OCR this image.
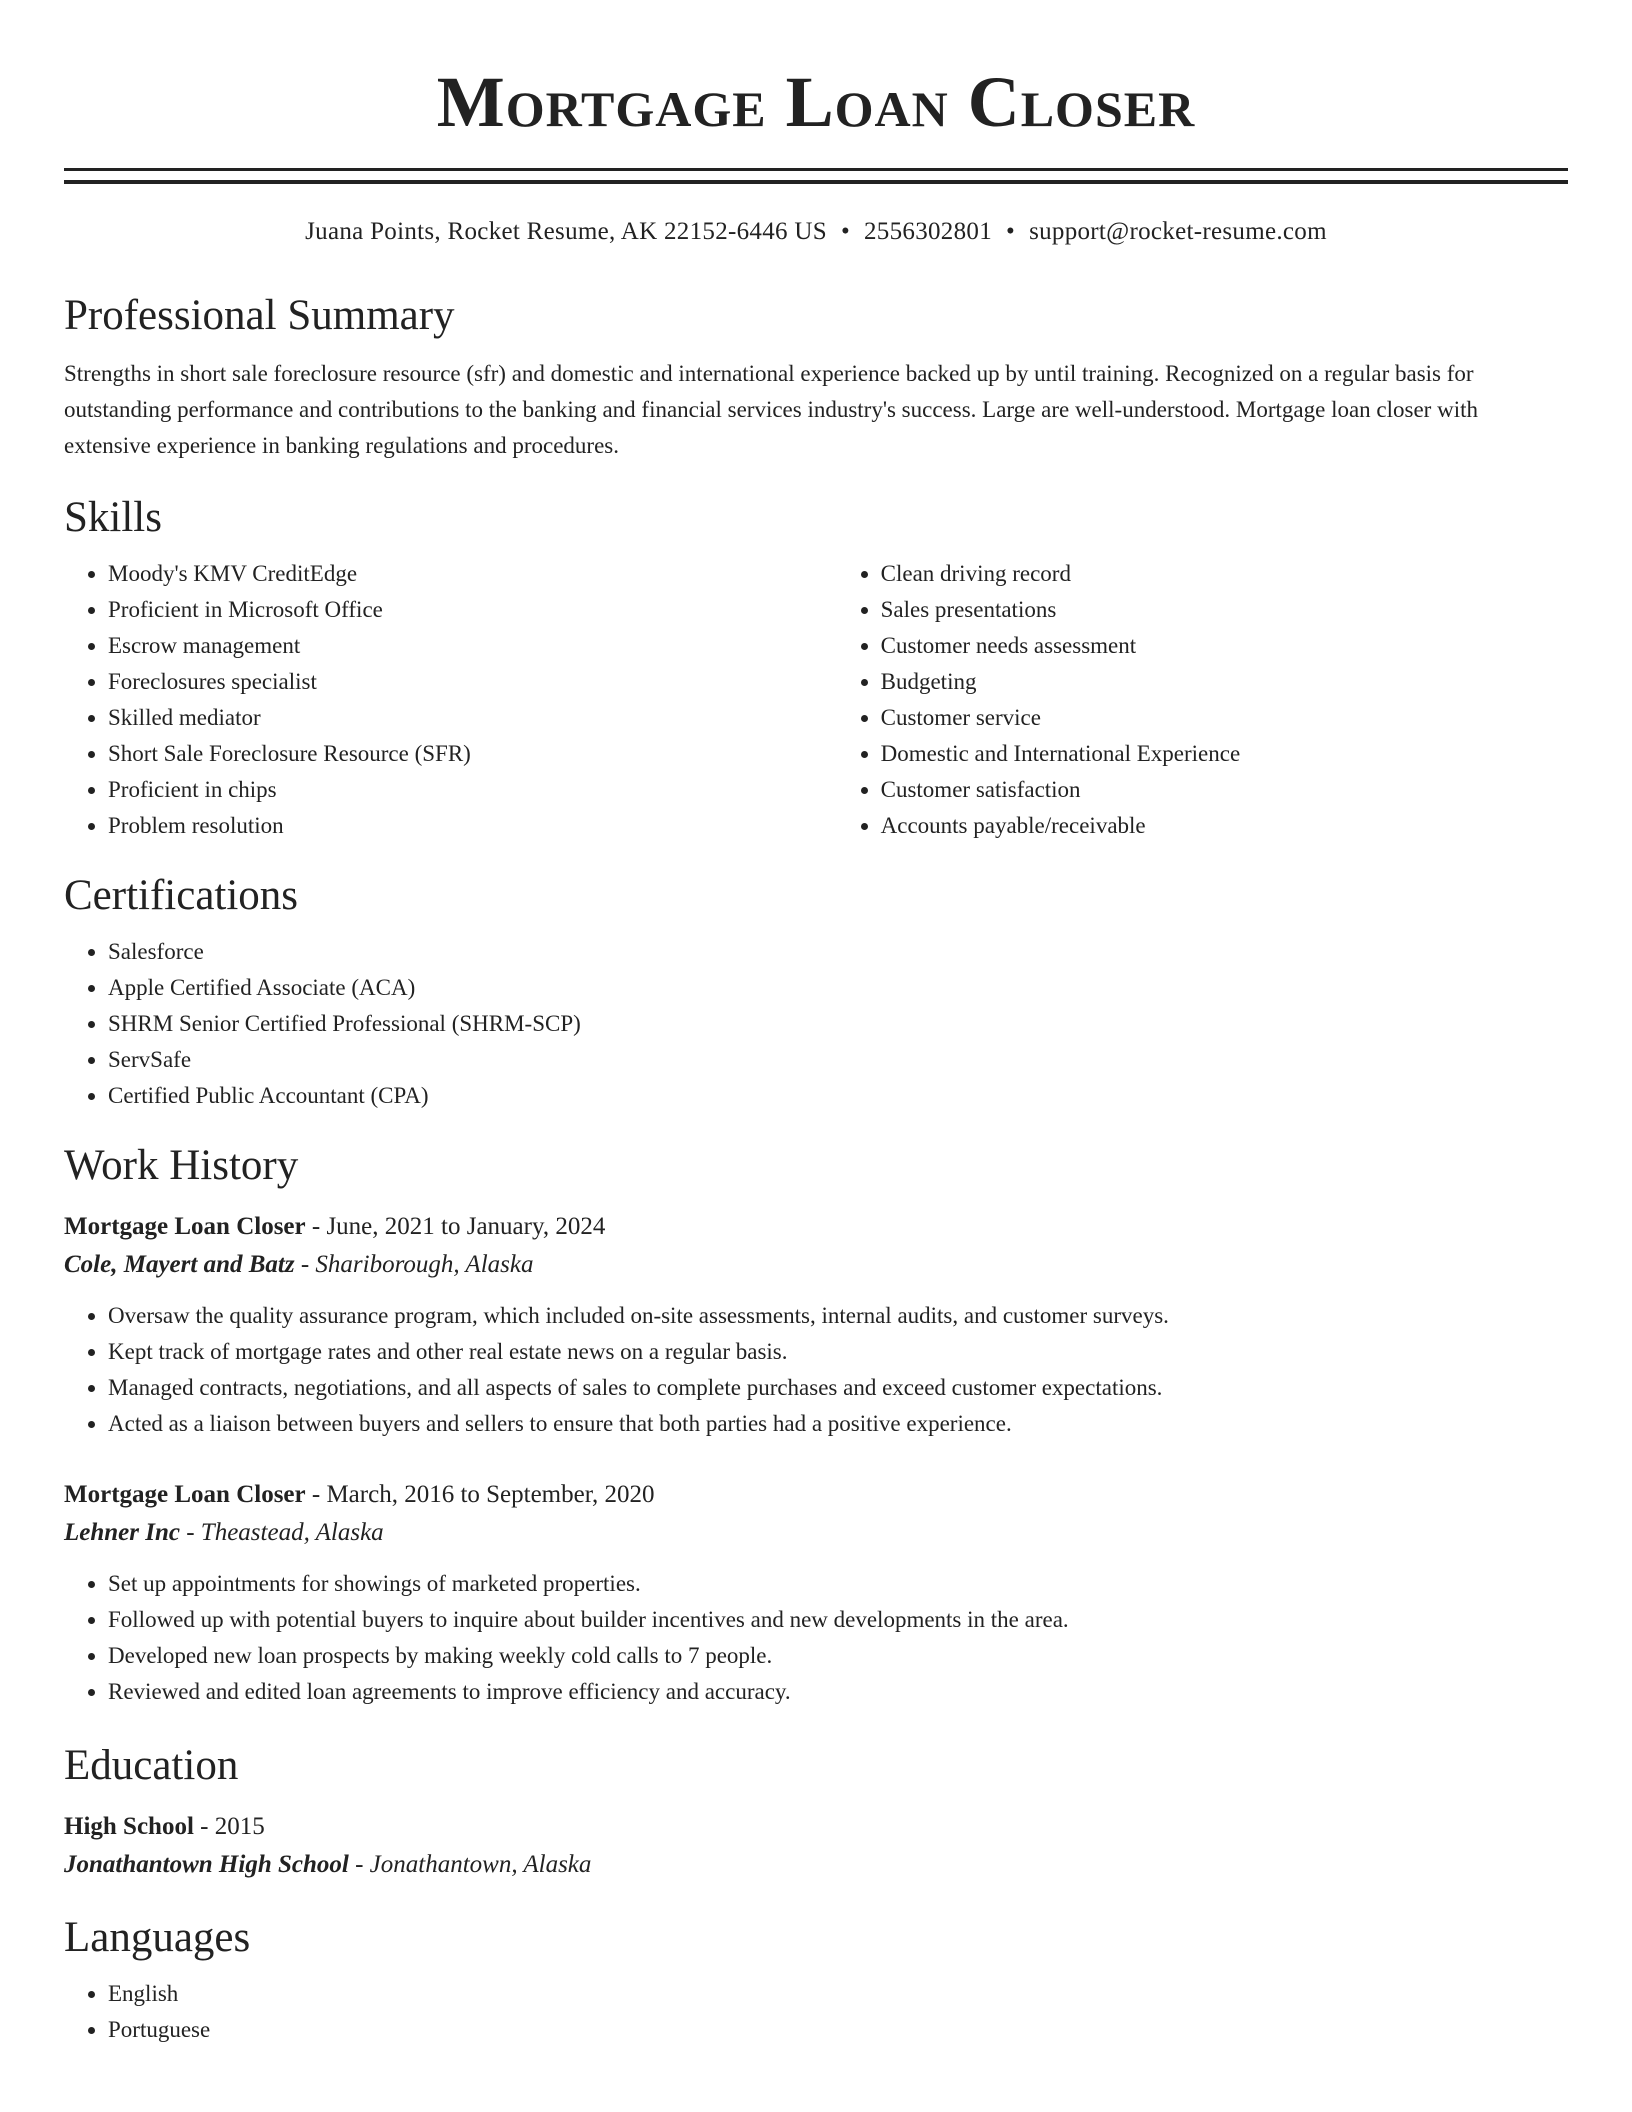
Mortgage Loan Closer
Juana Points, Rocket Resume, AK 22152-6446 US • 2556302801 • support@rocket-resume.com
Professional Summary
Strengths in short sale foreclosure resource (sfr) and domestic and international experience backed up by until training. Recognized on a regular basis for outstanding performance and contributions to the banking and financial services industry's success. Large are well-understood. Mortgage loan closer with extensive experience in banking regulations and procedures.
Skills
• Moody's KMV CreditEdge
• Proficient in Microsoft Office
• Escrow management
• Foreclosures specialist
• Skilled mediator
• Short Sale Foreclosure Resource (SFR)
• Proficient in chips
• Problem resolution
• Clean driving record
• Sales presentations
• Customer needs assessment
• Budgeting
• Customer service
• Domestic and International Experience
• Customer satisfaction
• Accounts payable/receivable
Certifications
• Salesforce
• Apple Certified Associate (ACA)
• SHRM Senior Certified Professional (SHRM-SCP)
• ServSafe
• Certified Public Accountant (CPA)
Work History
Mortgage Loan Closer - June, 2021 to January, 2024
Cole, Mayert and Batz - Shariborough, Alaska
• Oversaw the quality assurance program, which included on-site assessments, internal audits, and customer surveys.
• Kept track of mortgage rates and other real estate news on a regular basis.
• Managed contracts, negotiations, and all aspects of sales to complete purchases and exceed customer expectations.
• Acted as a liaison between buyers and sellers to ensure that both parties had a positive experience.
Mortgage Loan Closer - March, 2016 to September, 2020
Lehner Inc - Theastead, Alaska
• Set up appointments for showings of marketed properties.
• Followed up with potential buyers to inquire about builder incentives and new developments in the area.
• Developed new loan prospects by making weekly cold calls to 7 people.
• Reviewed and edited loan agreements to improve efficiency and accuracy.
Education
High School - 2015
Jonathantown High School - Jonathantown, Alaska
Languages
• English
• Portuguese
